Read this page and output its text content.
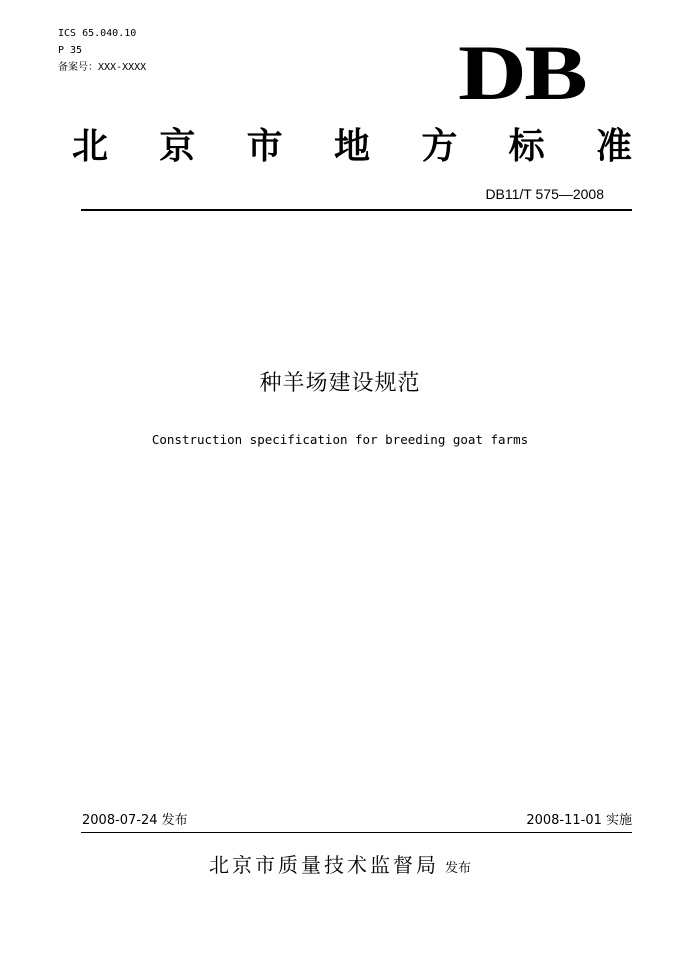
ICS 65.040.10
P 35
备案号：XXX-XXXX	DB
北 京 市 地 方 标 准
DB11/T 575—2008
种羊场建设规范
Construction specification for breeding goat farms
2008-07-24 发布	2008-11-01 实施
北京市质量技术监督局 发布
